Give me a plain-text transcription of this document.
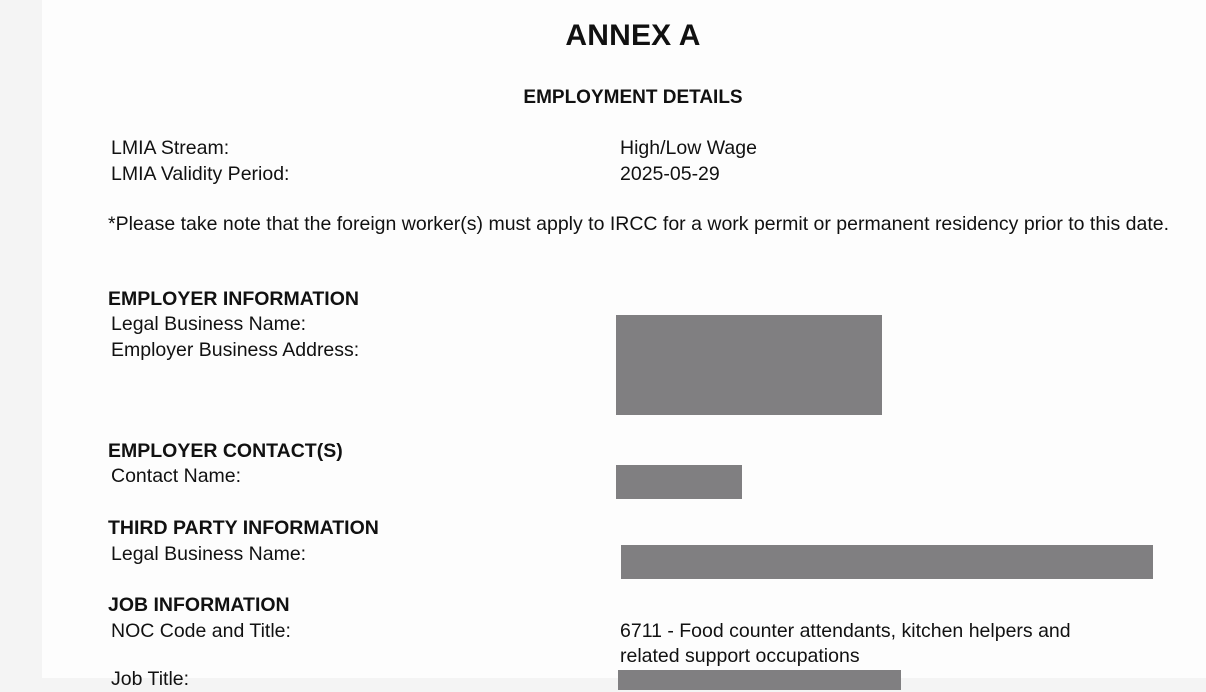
ANNEX A
EMPLOYMENT DETAILS
LMIA Stream:	High/Low Wage
LMIA Validity Period:	2025-05-29
*Please take note that the foreign worker(s) must apply to IRCC for a work permit or permanent residency prior to this date.
EMPLOYER INFORMATION
Legal Business Name:
Employer Business Address:
EMPLOYER CONTACT(S)
Contact Name:
THIRD PARTY INFORMATION
Legal Business Name:
JOB INFORMATION
NOC Code and Title:	6711 - Food counter attendants, kitchen helpers and
related support occupations
Job Title:
